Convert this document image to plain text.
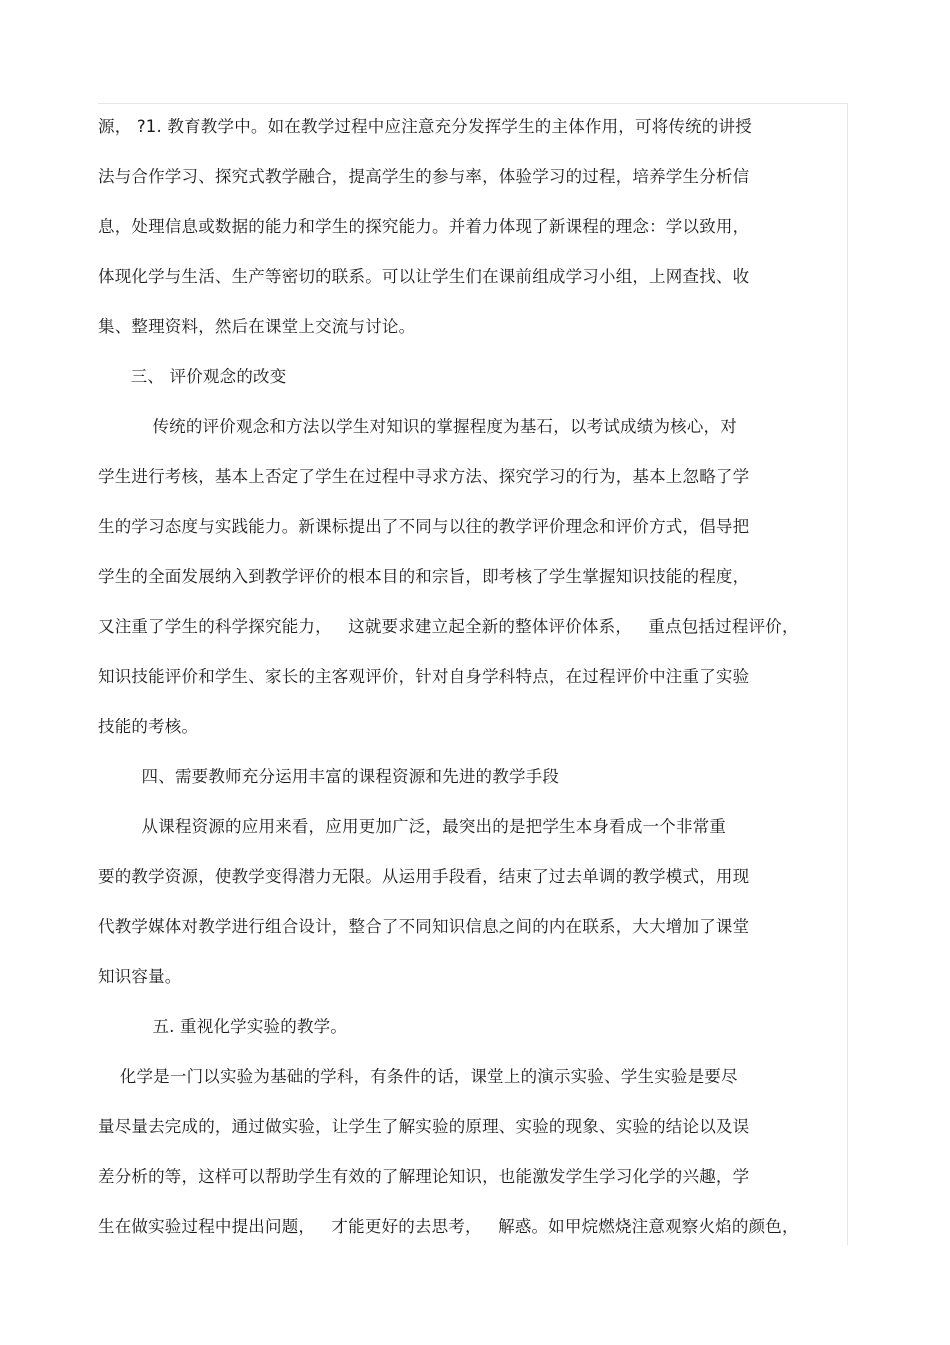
源， ?1. 教育教学中。如在教学过程中应注意充分发挥学生的主体作用，可将传统的讲授
法与合作学习、探究式教学融合，提高学生的参与率，体验学习的过程，培养学生分析信
息，处理信息或数据的能力和学生的探究能力。并着力体现了新课程的理念：学以致用，
体现化学与生活、生产等密切的联系。可以让学生们在课前组成学习小组，上网查找、收
集、整理资料，然后在课堂上交流与讨论。
三、 评价观念的改变
传统的评价观念和方法以学生对知识的掌握程度为基石，以考试成绩为核心，对
学生进行考核，基本上否定了学生在过程中寻求方法、探究学习的行为，基本上忽略了学
生的学习态度与实践能力。新课标提出了不同与以往的教学评价理念和评价方式，倡导把
学生的全面发展纳入到教学评价的根本目的和宗旨，即考核了学生掌握知识技能的程度，
又注重了学生的科学探究能力，   这就要求建立起全新的整体评价体系，   重点包括过程评价，
知识技能评价和学生、家长的主客观评价，针对自身学科特点，在过程评价中注重了实验
技能的考核。
四、需要教师充分运用丰富的课程资源和先进的教学手段
从课程资源的应用来看，应用更加广泛，最突出的是把学生本身看成一个非常重
要的教学资源，使教学变得潜力无限。从运用手段看，结束了过去单调的教学模式，用现
代教学媒体对教学进行组合设计，整合了不同知识信息之间的内在联系，大大增加了课堂
知识容量。
五. 重视化学实验的教学。
化学是一门以实验为基础的学科，有条件的话，课堂上的演示实验、学生实验是要尽
量尽量去完成的，通过做实验，让学生了解实验的原理、实验的现象、实验的结论以及误
差分析的等，这样可以帮助学生有效的了解理论知识，也能激发学生学习化学的兴趣，学
生在做实验过程中提出问题，   才能更好的去思考，   解惑。如甲烷燃烧注意观察火焰的颜色，
